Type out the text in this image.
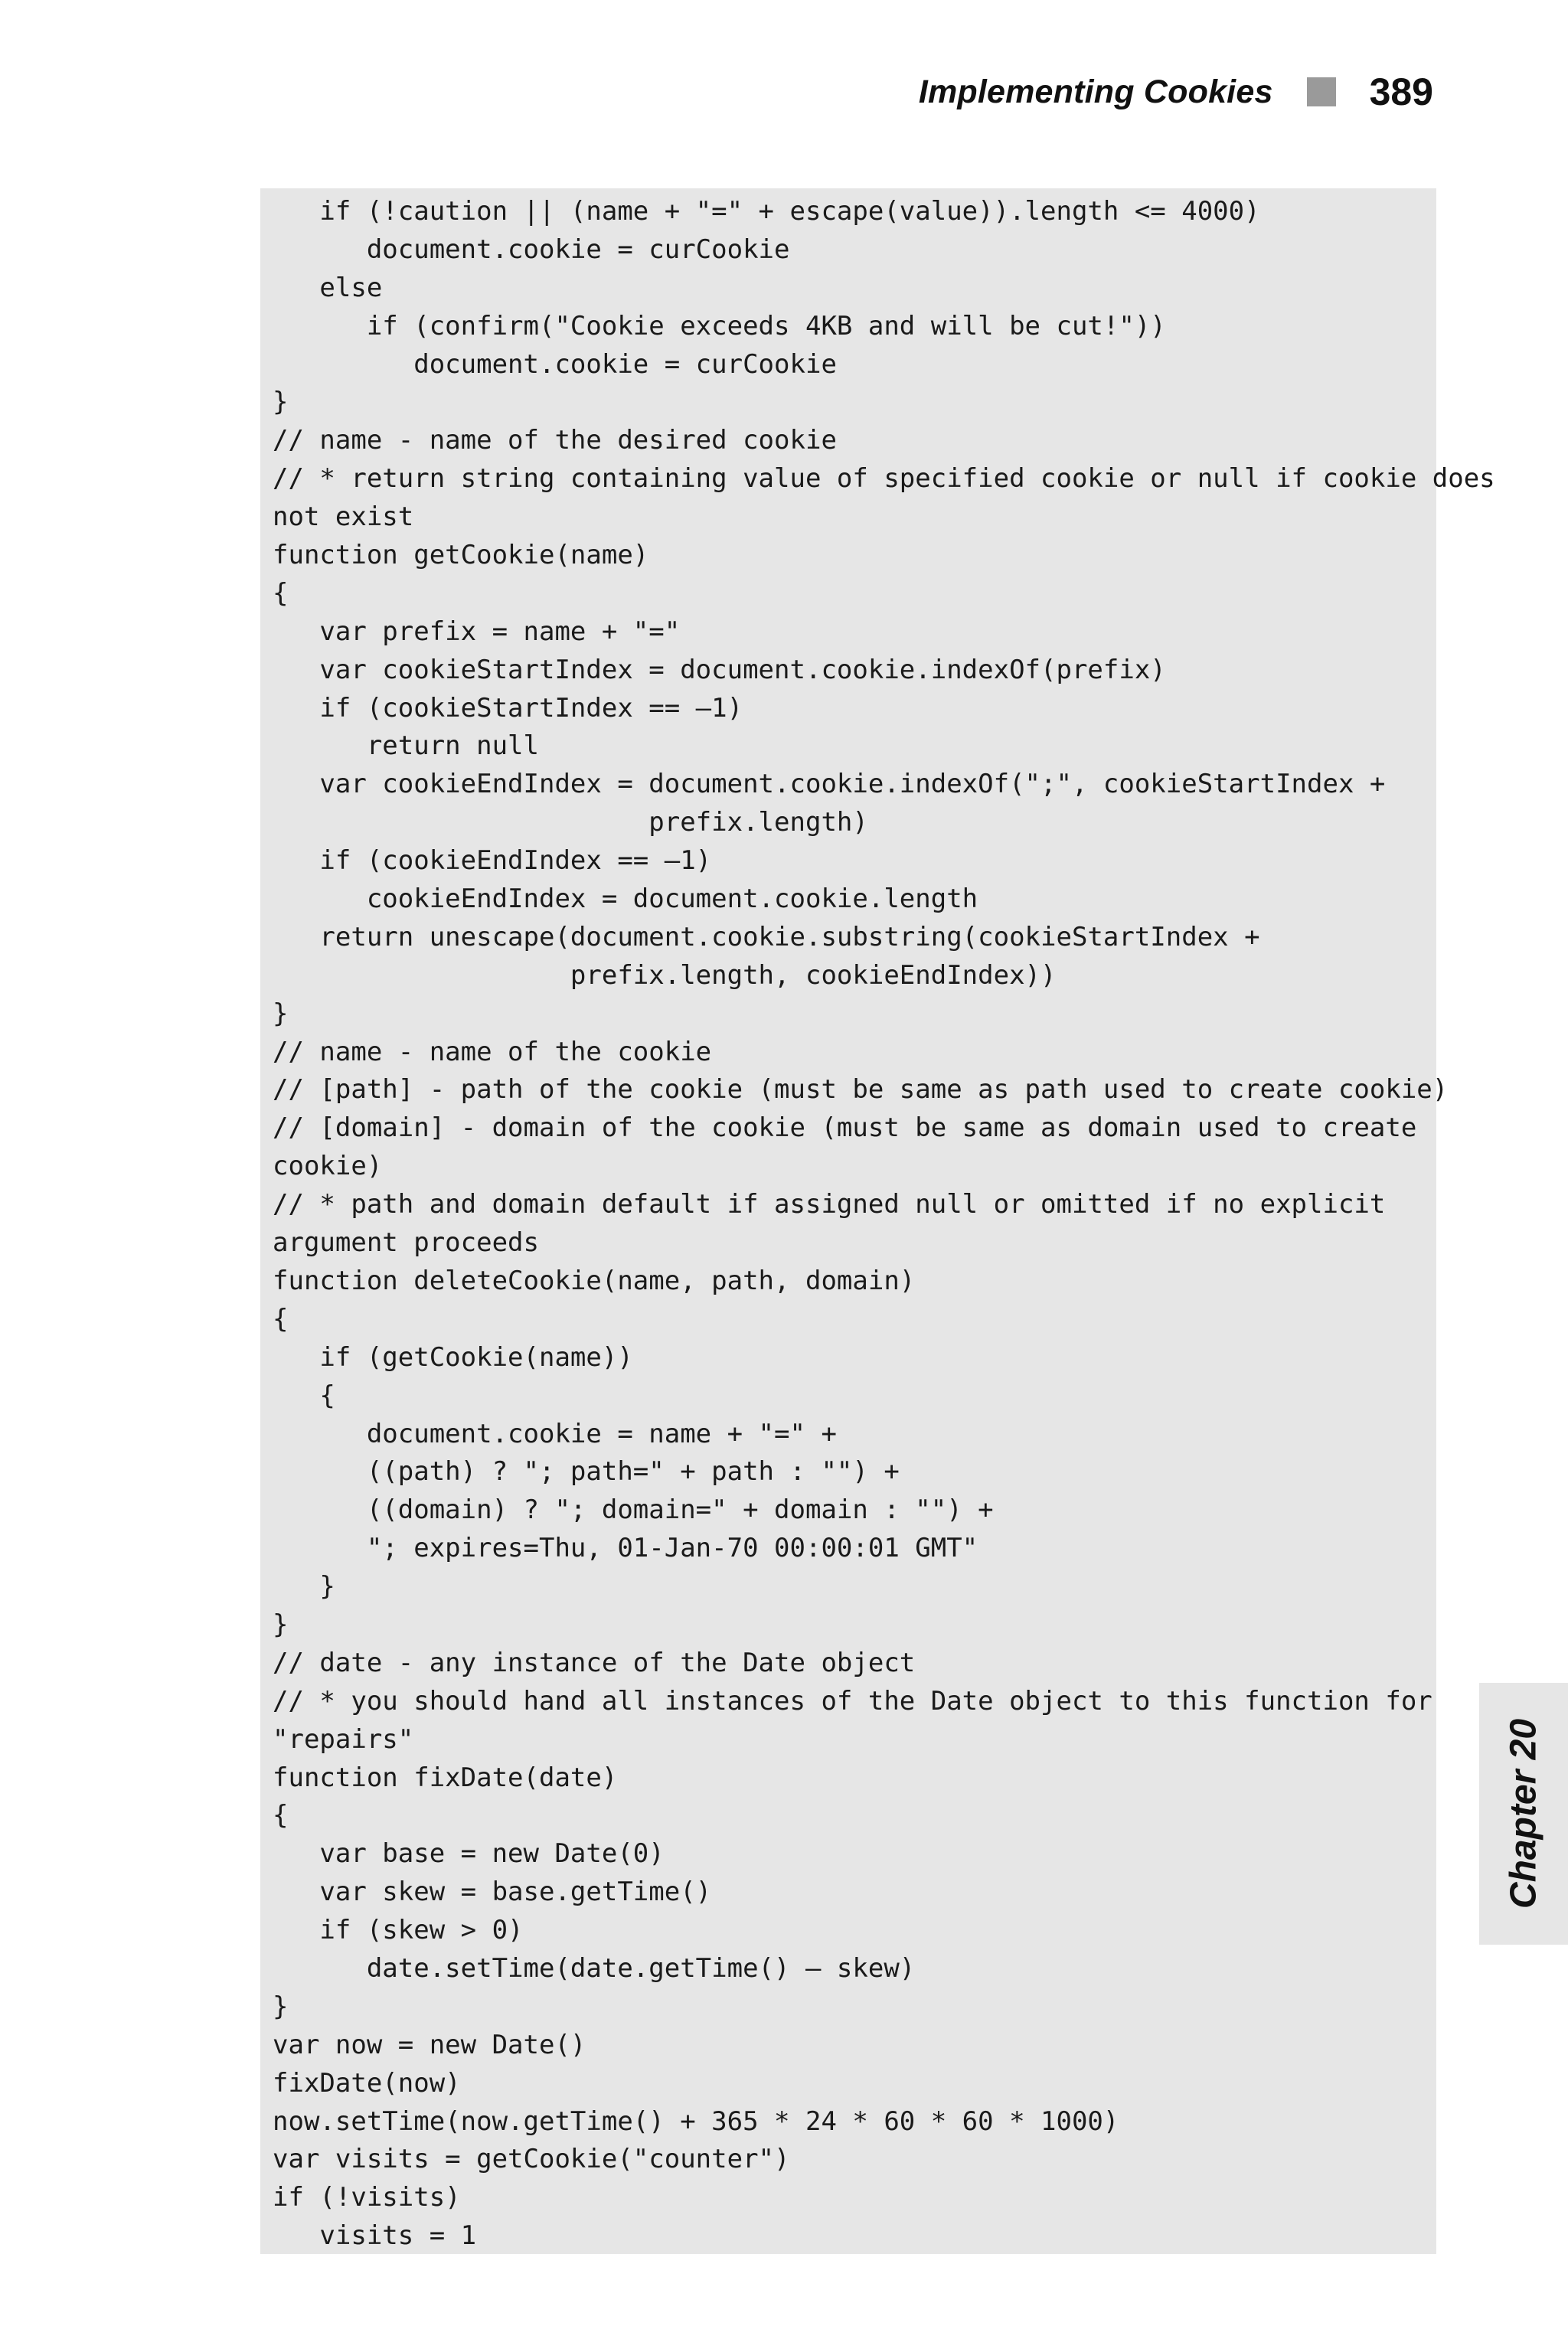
Implementing Cookies	389
if (!caution || (name + "=" + escape(value)).length <= 4000)
document.cookie = curCookie
else
if (confirm("Cookie exceeds 4KB and will be cut!"))
document.cookie = curCookie
}
// name - name of the desired cookie
// * return string containing value of specified cookie or null if cookie does
not exist
function getCookie(name)
{
var prefix = name + "="
var cookieStartIndex = document.cookie.indexOf(prefix)
if (cookieStartIndex == —1)
return null
var cookieEndIndex = document.cookie.indexOf(";", cookieStartIndex +
prefix.length)
if (cookieEndIndex == —1)
cookieEndIndex = document.cookie.length
return unescape(document.cookie.substring(cookieStartIndex +
prefix.length, cookieEndIndex))
}
// name - name of the cookie
// [path] - path of the cookie (must be same as path used to create cookie)
// [domain] - domain of the cookie (must be same as domain used to create
cookie)
// * path and domain default if assigned null or omitted if no explicit
argument proceeds
function deleteCookie(name, path, domain)
{
if (getCookie(name))
{
document.cookie = name + "=" +
((path) ? "; path=" + path : "") +
((domain) ? "; domain=" + domain : "") +
"; expires=Thu, 01-Jan-70 00:00:01 GMT"
}
}
// date - any instance of the Date object
// * you should hand all instances of the Date object to this function for
"repairs"
function fixDate(date)
{
var base = new Date(0)
var skew = base.getTime()
if (skew > 0)
date.setTime(date.getTime() — skew)
}
var now = new Date()
fixDate(now)
now.setTime(now.getTime() + 365 * 24 * 60 * 60 * 1000)
var visits = getCookie("counter")
if (!visits)
visits = 1
Chapter 20
